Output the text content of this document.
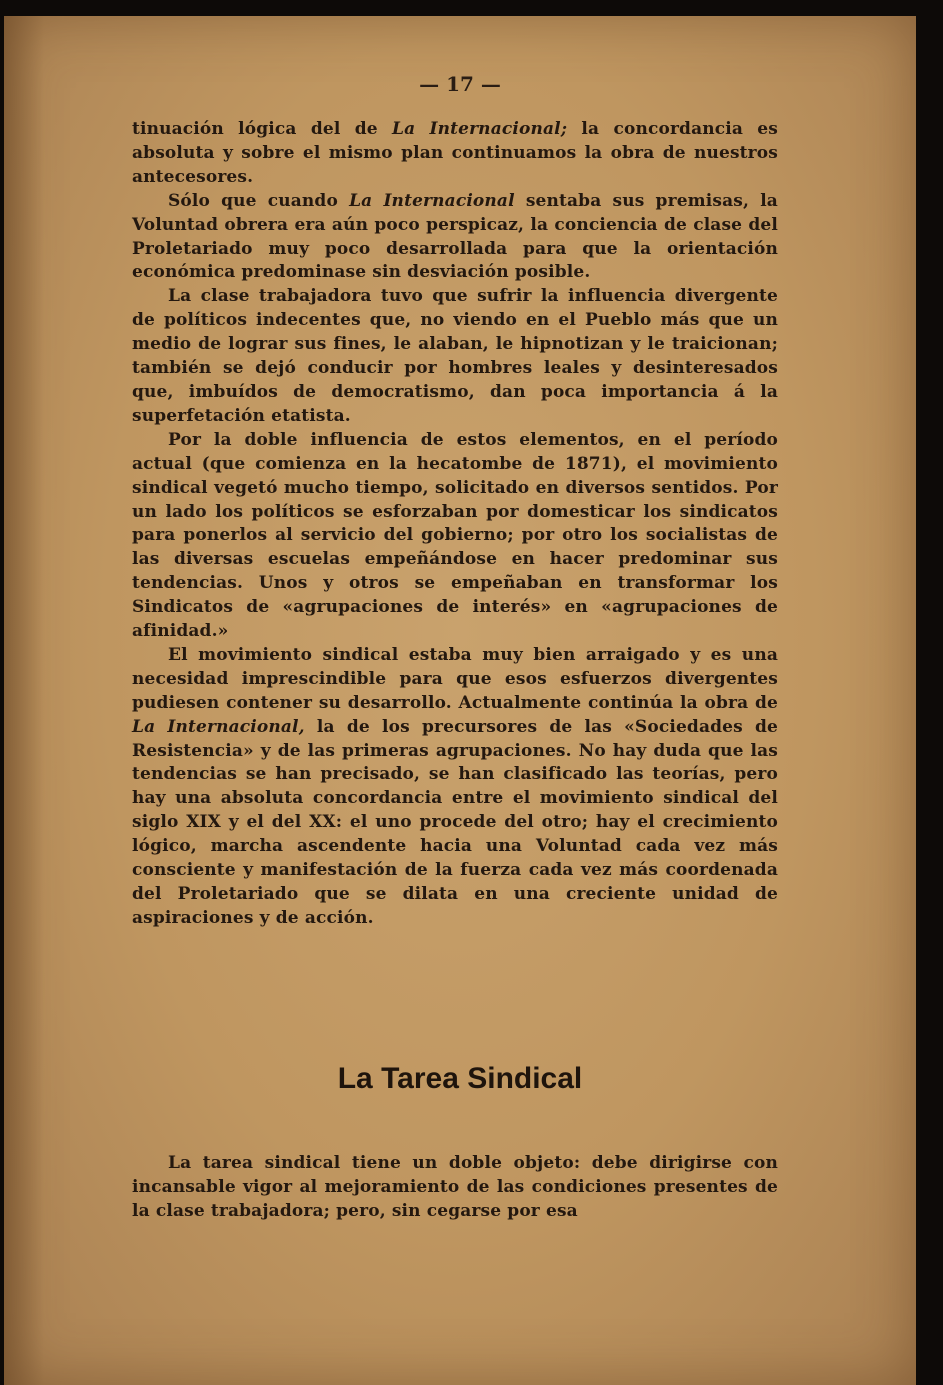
— 17 —

tinuación lógica del de La Internacional; la concordancia es absoluta y sobre el mismo plan continuamos la obra de nuestros antecesores.

Sólo que cuando La Internacional sentaba sus premisas, la Voluntad obrera era aún poco perspicaz, la conciencia de clase del Proletariado muy poco desarrollada para que la orientación económica predominase sin desviación posible.

La clase trabajadora tuvo que sufrir la influencia divergente de políticos indecentes que, no viendo en el Pueblo más que un medio de lograr sus fines, le alaban, le hipnotizan y le traicionan; también se dejó conducir por hombres leales y desinteresados que, imbuídos de democratismo, dan poca importancia á la superfetación etatista.

Por la doble influencia de estos elementos, en el período actual (que comienza en la hecatombe de 1871), el movimiento sindical vegetó mucho tiempo, solicitado en diversos sentidos. Por un lado los políticos se esforzaban por domesticar los sindicatos para ponerlos al servicio del gobierno; por otro los socialistas de las diversas escuelas empeñándose en hacer predominar sus tendencias. Unos y otros se empeñaban en transformar los Sindicatos de «agrupaciones de interés» en «agrupaciones de afinidad.»

El movimiento sindical estaba muy bien arraigado y es una necesidad imprescindible para que esos esfuerzos divergentes pudiesen contener su desarrollo. Actualmente continúa la obra de La Internacional, la de los precursores de las «Sociedades de Resistencia» y de las primeras agrupaciones. No hay duda que las tendencias se han precisado, se han clasificado las teorías, pero hay una absoluta concordancia entre el movimiento sindical del siglo XIX y el del XX: el uno procede del otro; hay el crecimiento lógico, marcha ascendente hacia una Voluntad cada vez más consciente y manifestación de la fuerza cada vez más coordenada del Proletariado que se dilata en una creciente unidad de aspiraciones y de acción.

La Tarea Sindical

La tarea sindical tiene un doble objeto: debe dirigirse con incansable vigor al mejoramiento de las condiciones presentes de la clase trabajadora; pero, sin cegarse por esa
